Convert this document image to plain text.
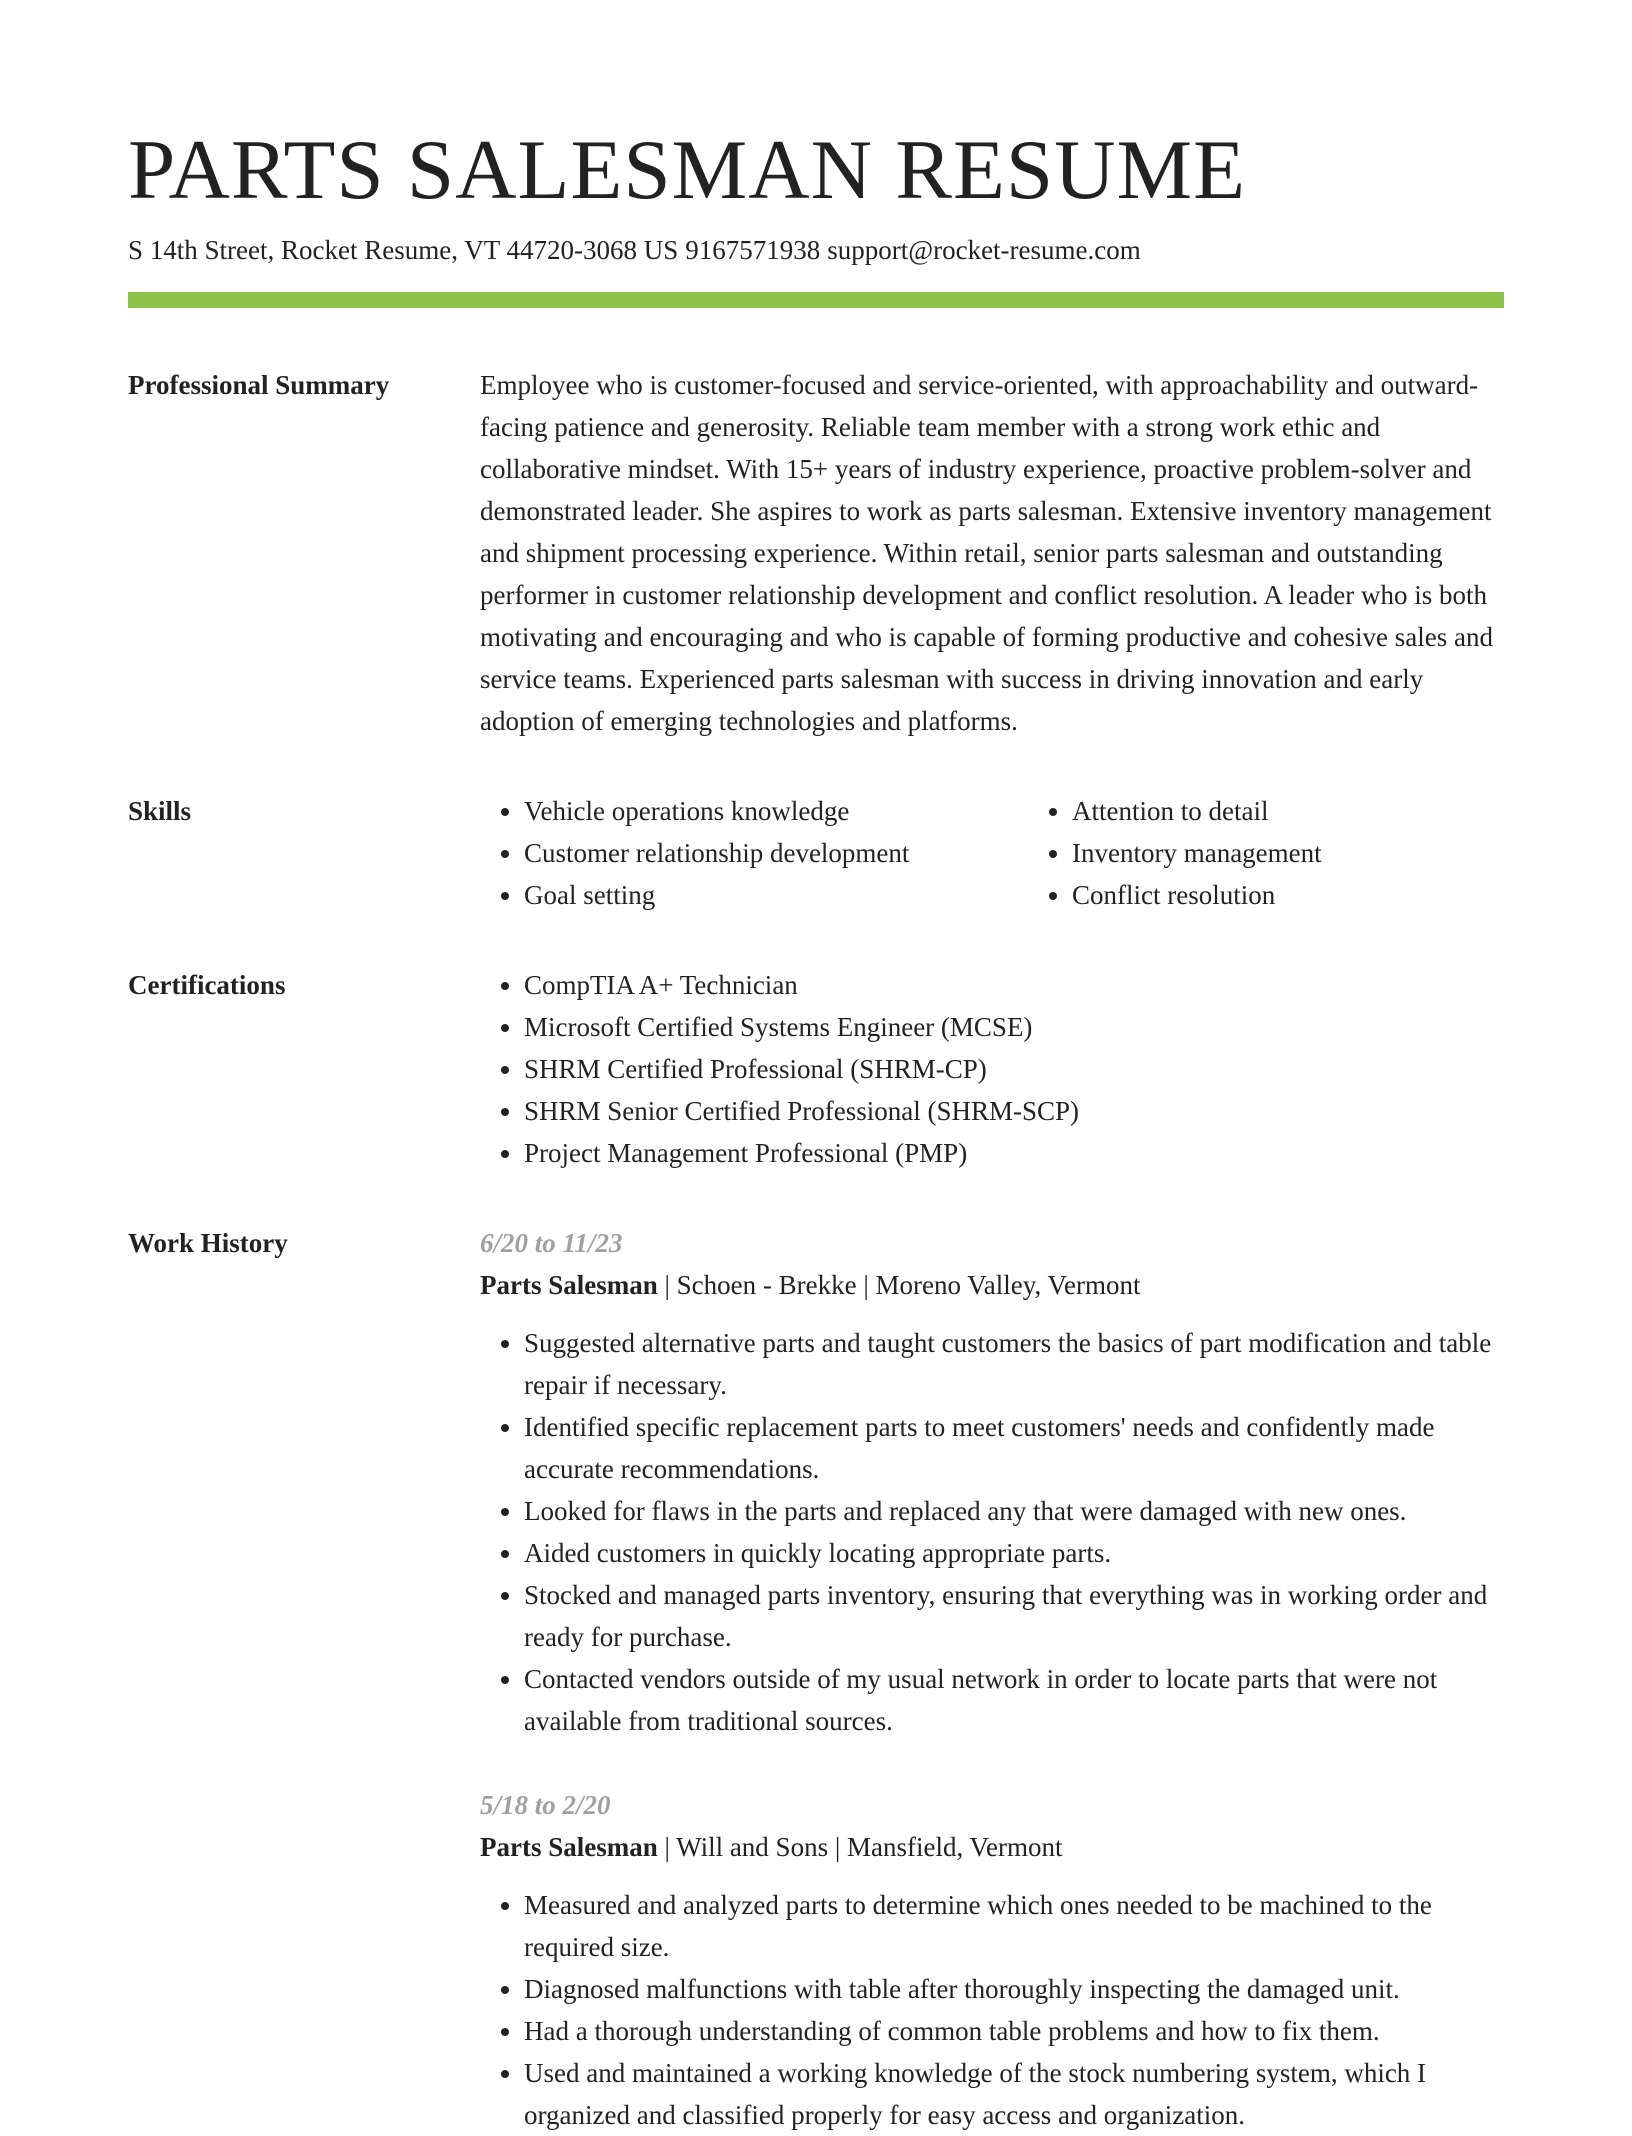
PARTS SALESMAN RESUME
S 14th Street, Rocket Resume, VT 44720-3068 US 9167571938 support@rocket-resume.com
Professional Summary	Employee who is customer-focused and service-oriented, with approachability and outward-facing patience and generosity. Reliable team member with a strong work ethic and collaborative mindset. With 15+ years of industry experience, proactive problem-solver and demonstrated leader. She aspires to work as parts salesman. Extensive inventory management and shipment processing experience. Within retail, senior parts salesman and outstanding performer in customer relationship development and conflict resolution. A leader who is both motivating and encouraging and who is capable of forming productive and cohesive sales and service teams. Experienced parts salesman with success in driving innovation and early adoption of emerging technologies and platforms.
Skills	• Vehicle operations knowledge
• Customer relationship development
• Goal setting
• Attention to detail
• Inventory management
• Conflict resolution
Certifications	• CompTIA A+ Technician
• Microsoft Certified Systems Engineer (MCSE)
• SHRM Certified Professional (SHRM-CP)
• SHRM Senior Certified Professional (SHRM-SCP)
• Project Management Professional (PMP)
Work History	6/20 to 11/23
Parts Salesman | Schoen - Brekke | Moreno Valley, Vermont
• Suggested alternative parts and taught customers the basics of part modification and table repair if necessary.
• Identified specific replacement parts to meet customers' needs and confidently made accurate recommendations.
• Looked for flaws in the parts and replaced any that were damaged with new ones.
• Aided customers in quickly locating appropriate parts.
• Stocked and managed parts inventory, ensuring that everything was in working order and ready for purchase.
• Contacted vendors outside of my usual network in order to locate parts that were not available from traditional sources.
5/18 to 2/20
Parts Salesman | Will and Sons | Mansfield, Vermont
• Measured and analyzed parts to determine which ones needed to be machined to the required size.
• Diagnosed malfunctions with table after thoroughly inspecting the damaged unit.
• Had a thorough understanding of common table problems and how to fix them.
• Used and maintained a working knowledge of the stock numbering system, which I organized and classified properly for easy access and organization.
